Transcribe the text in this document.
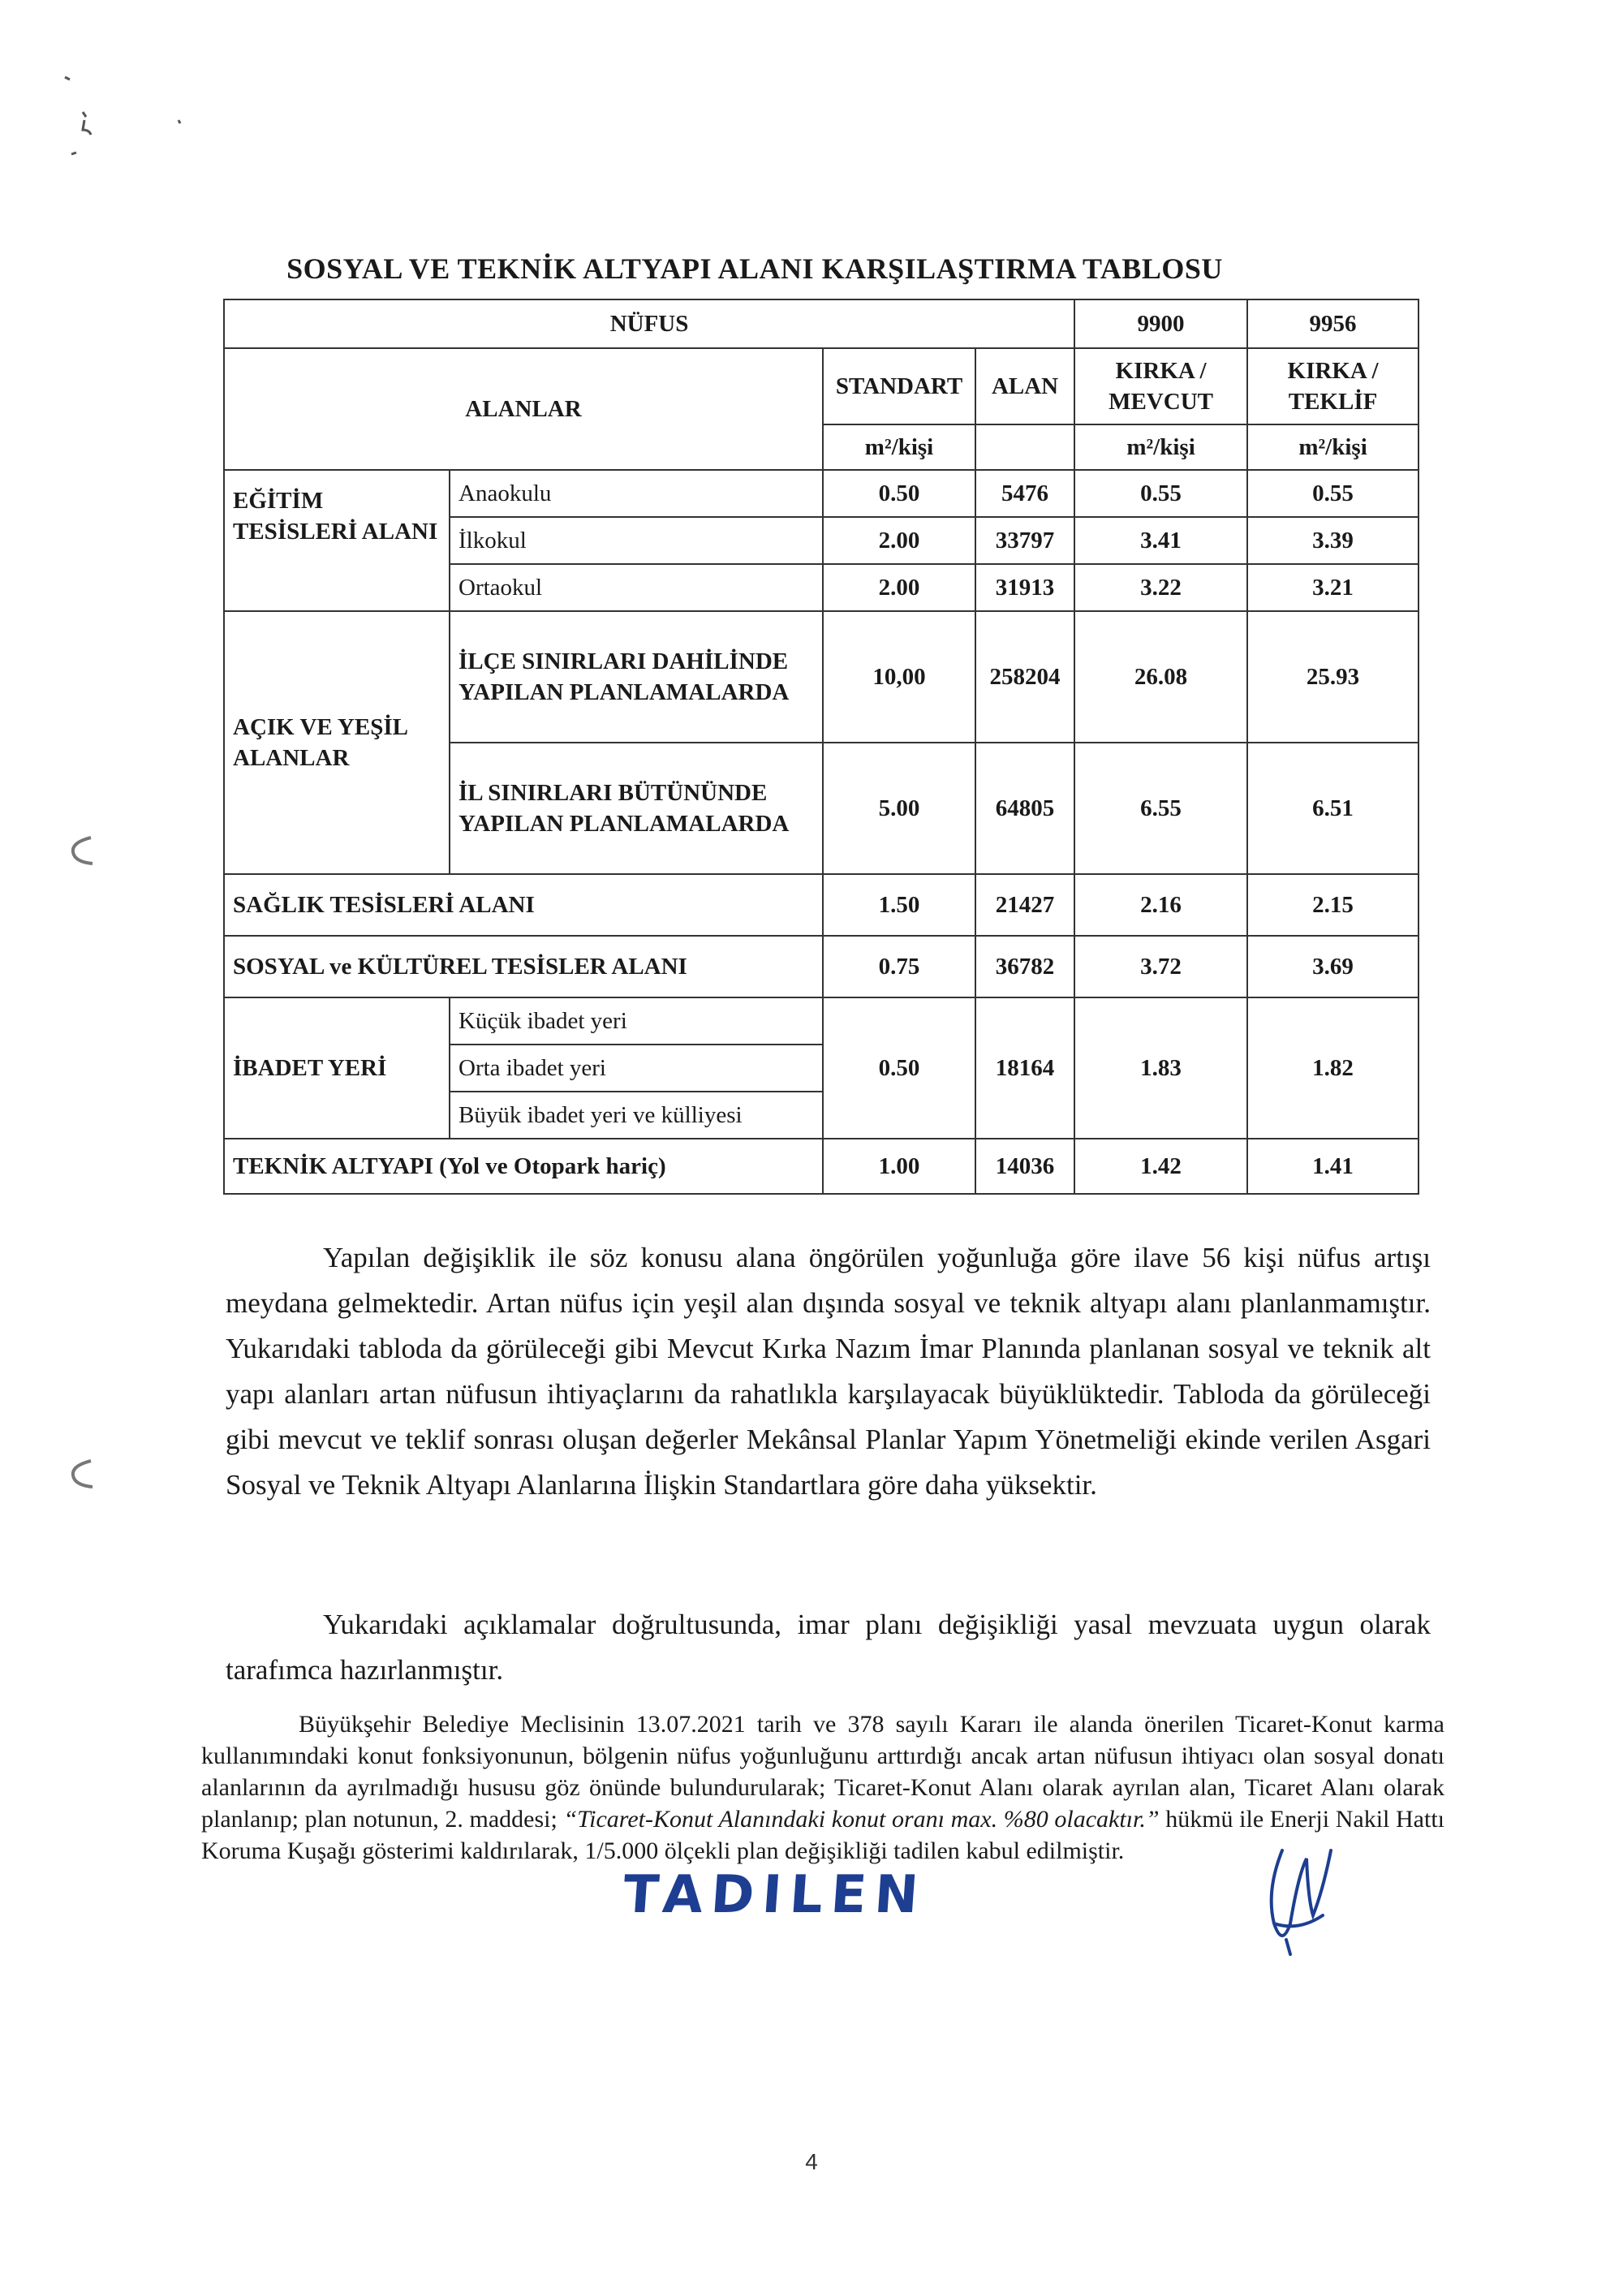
SOSYAL VE TEKNİK ALTYAPI ALANI KARŞILAŞTIRMA TABLOSU
NÜFUS				9900	9956
ALANLAR		STANDART	ALAN	KIRKA / MEVCUT	KIRKA / TEKLİF
		m²/kişi		m²/kişi	m²/kişi
EĞİTİM TESİSLERİ ALANI	Anaokulu	0.50	5476	0.55	0.55
	İlkokul	2.00	33797	3.41	3.39
	Ortaokul	2.00	31913	3.22	3.21
AÇIK VE YEŞİL ALANLAR	İLÇE SINIRLARI DAHİLİNDE YAPILAN PLANLAMALARDA	10,00	258204	26.08	25.93
	İL SINIRLARI BÜTÜNÜNDE YAPILAN PLANLAMALARDA	5.00	64805	6.55	6.51
SAĞLIK TESİSLERİ ALANI		1.50	21427	2.16	2.15
SOSYAL ve KÜLTÜREL TESİSLER ALANI		0.75	36782	3.72	3.69
İBADET YERİ	Küçük ibadet yeri	0.50	18164	1.83	1.82
	Orta ibadet yeri				
	Büyük ibadet yeri ve külliyesi				
TEKNİK ALTYAPI (Yol ve Otopark hariç)		1.00	14036	1.42	1.41

Yapılan değişiklik ile söz konusu alana öngörülen yoğunluğa göre ilave 56 kişi nüfus artışı meydana gelmektedir. Artan nüfus için yeşil alan dışında sosyal ve teknik altyapı alanı planlanmamıştır. Yukarıdaki tabloda da görüleceği gibi Mevcut Kırka Nazım İmar Planında planlanan sosyal ve teknik alt yapı alanları artan nüfusun ihtiyaçlarını da rahatlıkla karşılayacak büyüklüktedir. Tabloda da görüleceği gibi mevcut ve teklif sonrası oluşan değerler Mekânsal Planlar Yapım Yönetmeliği ekinde verilen Asgari Sosyal ve Teknik Altyapı Alanlarına İlişkin Standartlara göre daha yüksektir.

Yukarıdaki açıklamalar doğrultusunda, imar planı değişikliği yasal mevzuata uygun olarak tarafımca hazırlanmıştır.

Büyükşehir Belediye Meclisinin 13.07.2021 tarih ve 378 sayılı Kararı ile alanda önerilen Ticaret-Konut karma kullanımındaki konut fonksiyonunun, bölgenin nüfus yoğunluğunu arttırdığı ancak artan nüfusun ihtiyacı olan sosyal donatı alanlarının da ayrılmadığı hususu göz önünde bulundurularak; Ticaret-Konut Alanı olarak ayrılan alan, Ticaret Alanı olarak planlanıp; plan notunun, 2. maddesi; “Ticaret-Konut Alanındaki konut oranı max. %80 olacaktır.” hükmü ile Enerji Nakil Hattı Koruma Kuşağı gösterimi kaldırılarak, 1/5.000 ölçekli plan değişikliği tadilen kabul edilmiştir.

TADILEN
4
